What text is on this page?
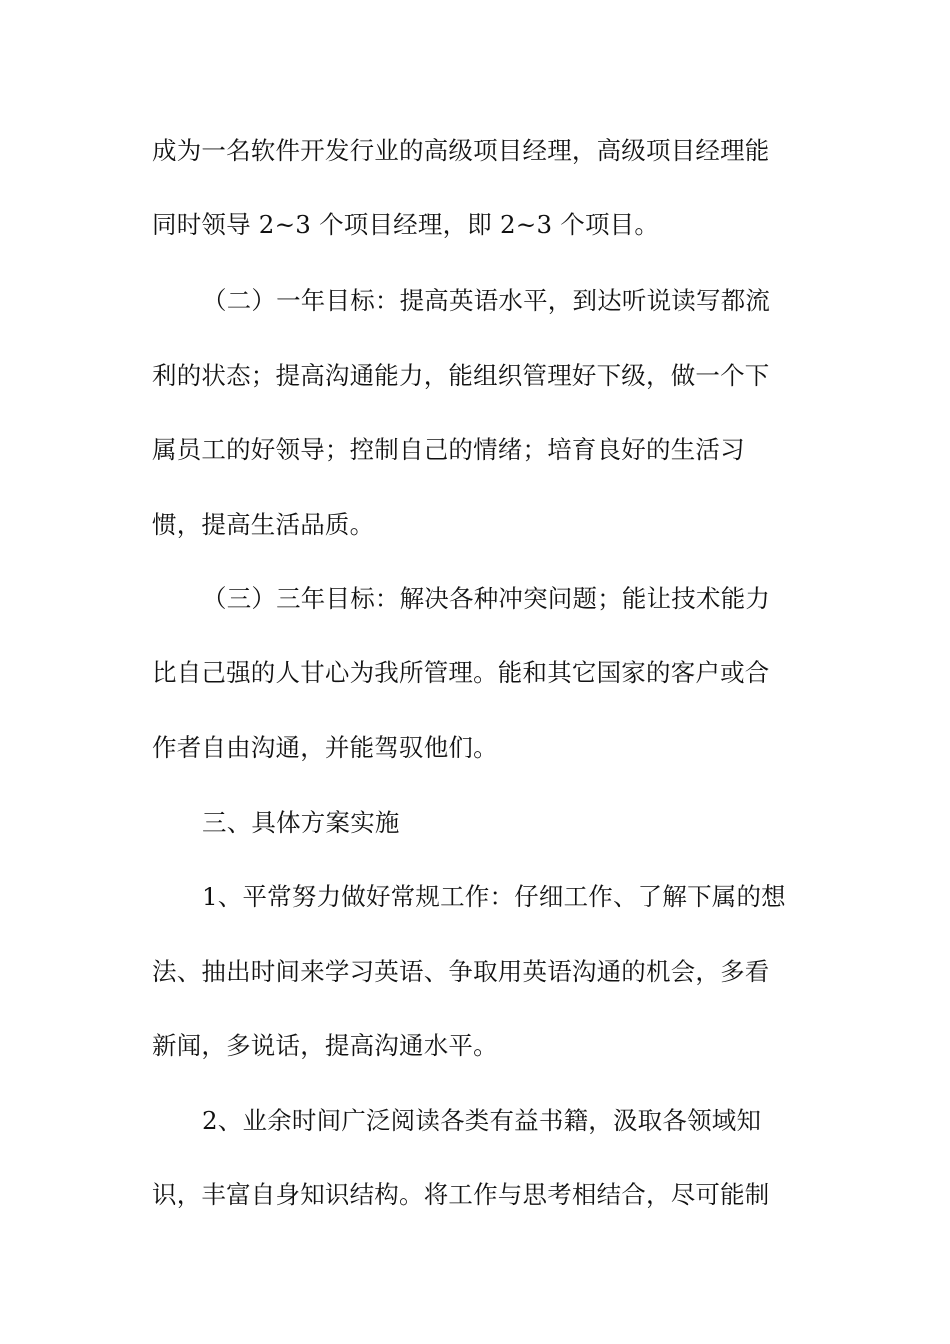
成为一名软件开发行业的高级项目经理，高级项目经理能
同时领导 2~3 个项目经理，即 2~3 个项目。
（二）一年目标：提高英语水平，到达听说读写都流
利的状态；提高沟通能力，能组织管理好下级，做一个下
属员工的好领导；控制自己的情绪；培育良好的生活习
惯，提高生活品质。
（三）三年目标：解决各种冲突问题；能让技术能力
比自己强的人甘心为我所管理。能和其它国家的客户或合
作者自由沟通，并能驾驭他们。
三、具体方案实施
1、平常努力做好常规工作：仔细工作、了解下属的想
法、抽出时间来学习英语、争取用英语沟通的机会，多看
新闻，多说话，提高沟通水平。
2、业余时间广泛阅读各类有益书籍，汲取各领域知
识，丰富自身知识结构。将工作与思考相结合，尽可能制
